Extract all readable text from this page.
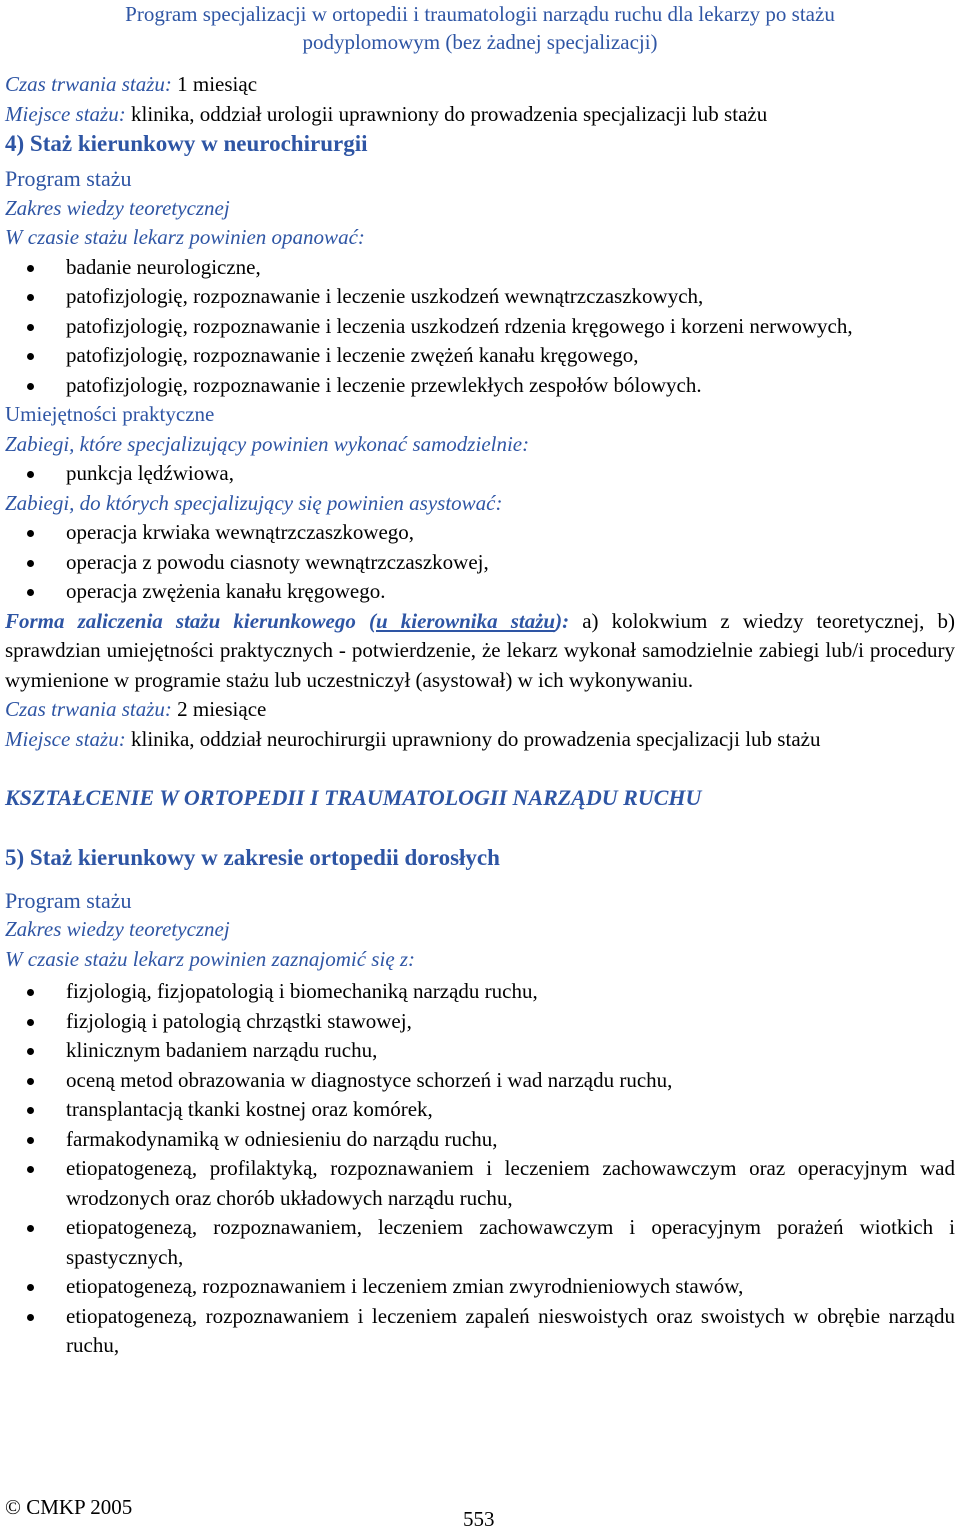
Program specjalizacji w ortopedii i traumatologii narządu ruchu dla lekarzy po stażu
podyplomowym (bez żadnej specjalizacji)

Czas trwania stażu: 1 miesiąc

Miejsce stażu: klinika, oddział urologii uprawniony do prowadzenia specjalizacji lub stażu

4) Staż kierunkowy w neurochirurgii

Program stażu

Zakres wiedzy teoretycznej

W czasie stażu lekarz powinien opanować:

badanie neurologiczne,
patofizjologię, rozpoznawanie i leczenie uszkodzeń wewnątrzczaszkowych,
patofizjologię, rozpoznawanie i leczenia uszkodzeń rdzenia kręgowego i korzeni nerwowych,
patofizjologię, rozpoznawanie i leczenie zwężeń kanału kręgowego,
patofizjologię, rozpoznawanie i leczenie przewlekłych zespołów bólowych.

Umiejętności praktyczne

Zabiegi, które specjalizujący powinien wykonać samodzielnie:

punkcja lędźwiowa,

Zabiegi, do których specjalizujący się powinien asystować:

operacja krwiaka wewnątrzczaszkowego,
operacja z powodu ciasnoty wewnątrzczaszkowej,
operacja zwężenia kanału kręgowego.

Forma zaliczenia stażu kierunkowego (u kierownika stażu): a) kolokwium z wiedzy teoretycznej, b) sprawdzian umiejętności praktycznych - potwierdzenie, że lekarz wykonał samodzielnie zabiegi lub/i procedury wymienione w programie stażu lub uczestniczył (asystował) w ich wykonywaniu.

Czas trwania stażu: 2 miesiące

Miejsce stażu: klinika, oddział neurochirurgii uprawniony do prowadzenia specjalizacji lub stażu

KSZTAŁCENIE W ORTOPEDII I TRAUMATOLOGII NARZĄDU RUCHU

5) Staż kierunkowy w zakresie ortopedii dorosłych

Program stażu

Zakres wiedzy teoretycznej

W czasie stażu lekarz powinien zaznajomić się z:

fizjologią, fizjopatologią i biomechaniką narządu ruchu,
fizjologią i patologią chrząstki stawowej,
klinicznym badaniem narządu ruchu,
oceną metod obrazowania w diagnostyce schorzeń i wad narządu ruchu,
transplantacją tkanki kostnej oraz komórek,
farmakodynamiką w odniesieniu do narządu ruchu,
etiopatogenezą, profilaktyką, rozpoznawaniem i leczeniem zachowawczym oraz operacyjnym wad wrodzonych oraz chorób układowych narządu ruchu,
etiopatogenezą, rozpoznawaniem, leczeniem zachowawczym i operacyjnym porażeń wiotkich i spastycznych,
etiopatogenezą, rozpoznawaniem i leczeniem zmian zwyrodnieniowych stawów,
etiopatogenezą, rozpoznawaniem i leczeniem zapaleń nieswoistych oraz swoistych w obrębie narządu ruchu,
© CMKP 2005	553
